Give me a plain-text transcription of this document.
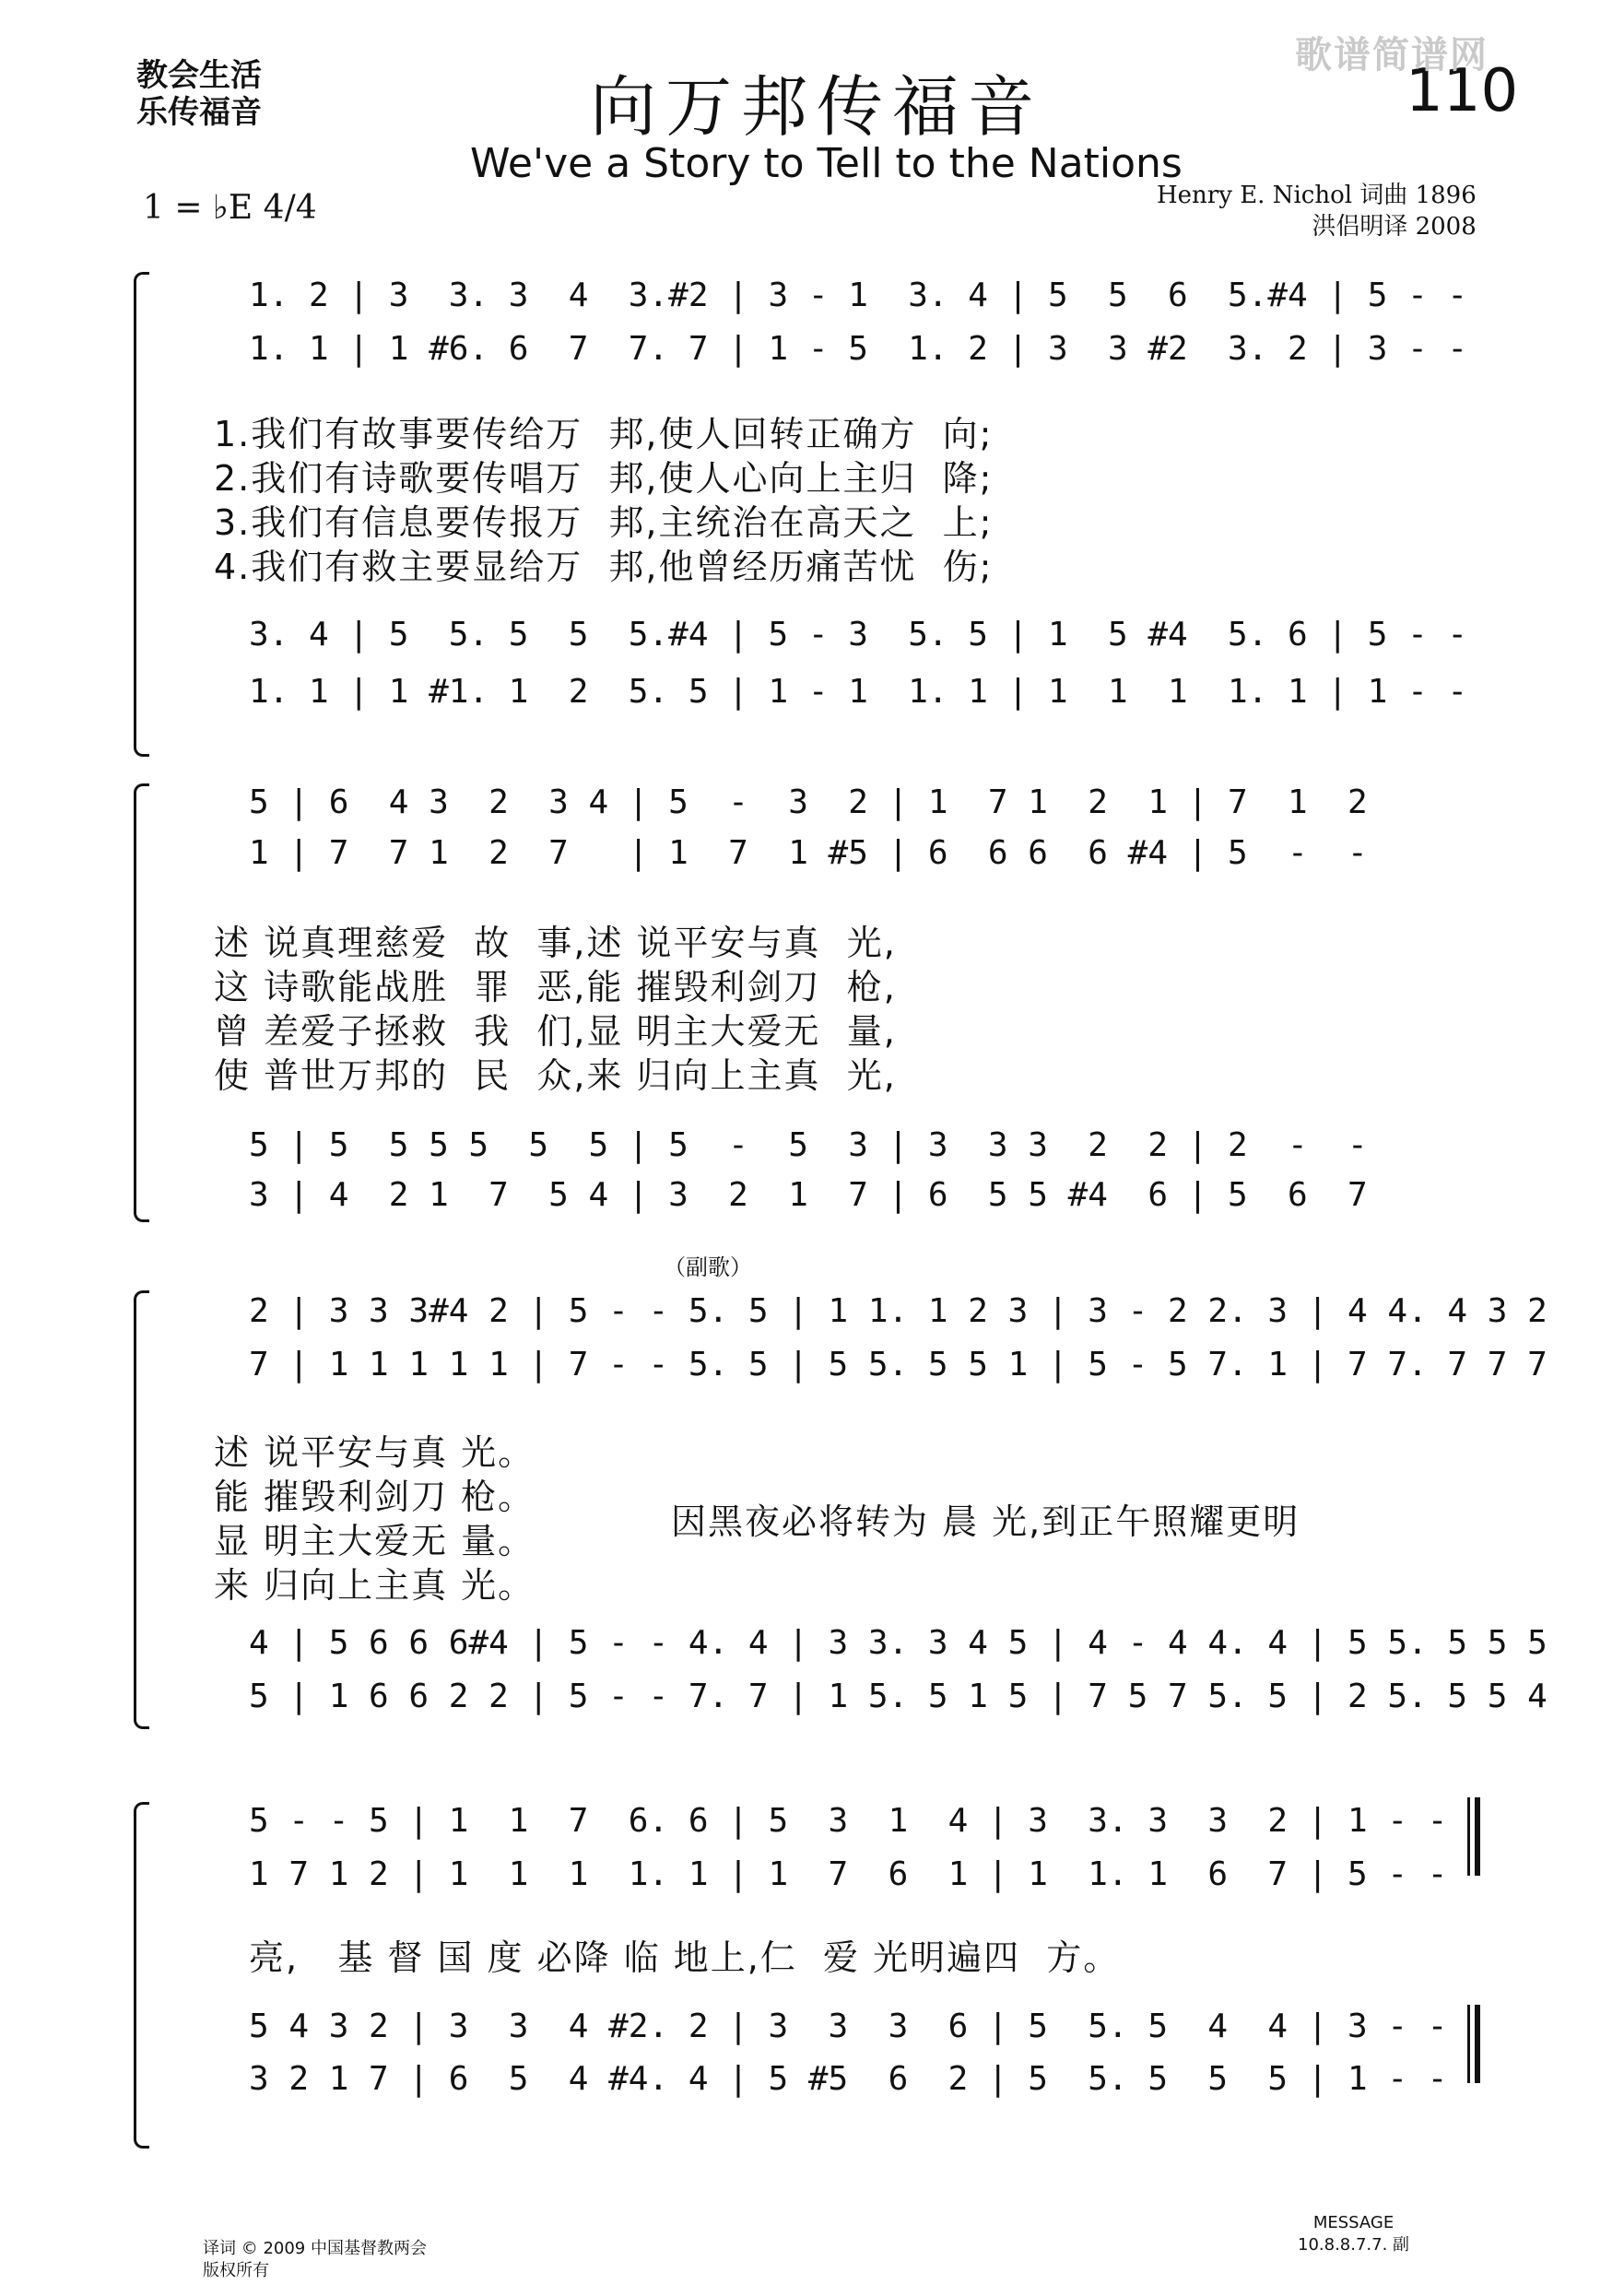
教会生活
乐传福音	向万邦传福音
We've a Story to Tell to the Nations
110
歌谱简谱网
1 = ♭E 4/4	Henry E. Nichol 词曲 1896
洪侣明译 2008
1. 2 | 3  3. 3  4  3.#2 | 3 - 1  3. 4 | 5  5  6  5.#4 | 5 - -
1. 1 | 1 #6. 6  7  7. 7 | 1 - 5  1. 2 | 3  3 #2  3. 2 | 3 - -
1.我们有故事要传给万  邦,使人回转正确方  向;
2.我们有诗歌要传唱万  邦,使人心向上主归  降;
3.我们有信息要传报万  邦,主统治在高天之  上;
4.我们有救主要显给万  邦,他曾经历痛苦忧  伤;
3. 4 | 5  5. 5  5  5.#4 | 5 - 3  5. 5 | 1  5 #4  5. 6 | 5 - -
1. 1 | 1 #1. 1  2  5. 5 | 1 - 1  1. 1 | 1  1  1  1. 1 | 1 - -
5 | 6  4 3  2  3 4 | 5  -  3  2 | 1  7 1  2  1 | 7  1  2
1 | 7  7 1  2  7   | 1  7  1 #5 | 6  6 6  6 #4 | 5  -  -
述 说真理慈爱  故  事,述 说平安与真  光,
这 诗歌能战胜  罪  恶,能 摧毁利剑刀  枪,
曾 差爱子拯救  我  们,显 明主大爱无  量,
使 普世万邦的  民  众,来 归向上主真  光,
5 | 5  5 5 5  5  5 | 5  -  5  3 | 3  3 3  2  2 | 2  -  -
3 | 4  2 1  7  5 4 | 3  2  1  7 | 6  5 5 #4  6 | 5  6  7
（副歌）
2 | 3 3 3#4 2 | 5 - - 5. 5 | 1 1. 1 2 3 | 3 - 2 2. 3 | 4 4. 4 3 2
7 | 1 1 1 1 1 | 7 - - 5. 5 | 5 5. 5 5 1 | 5 - 5 7. 1 | 7 7. 7 7 7
述 说平安与真 光。
能 摧毁利剑刀 枪。
显 明主大爱无 量。
来 归向上主真 光。
因黑夜必将转为 晨 光,到正午照耀更明
4 | 5 6 6 6#4 | 5 - - 4. 4 | 3 3. 3 4 5 | 4 - 4 4. 4 | 5 5. 5 5 5
5 | 1 6 6 2 2 | 5 - - 7. 7 | 1 5. 5 1 5 | 7 5 7 5. 5 | 2 5. 5 5 4
5 - - 5 | 1  1  7  6. 6 | 5  3  1  4 | 3  3. 3  3  2 | 1 - -
1 7 1 2 | 1  1  1  1. 1 | 1  7  6  1 | 1  1. 1  6  7 | 5 - -
亮,   基 督 国 度 必降 临 地上,仁  爱 光明遍四  方。
5 4 3 2 | 3  3  4 #2. 2 | 3  3  3  6 | 5  5. 5  4  4 | 3 - -
3 2 1 7 | 6  5  4 #4. 4 | 5 #5  6  2 | 5  5. 5  5  5 | 1 - -
译词 © 2009 中国基督教两会
版权所有
MESSAGE
10.8.8.7.7. 副
